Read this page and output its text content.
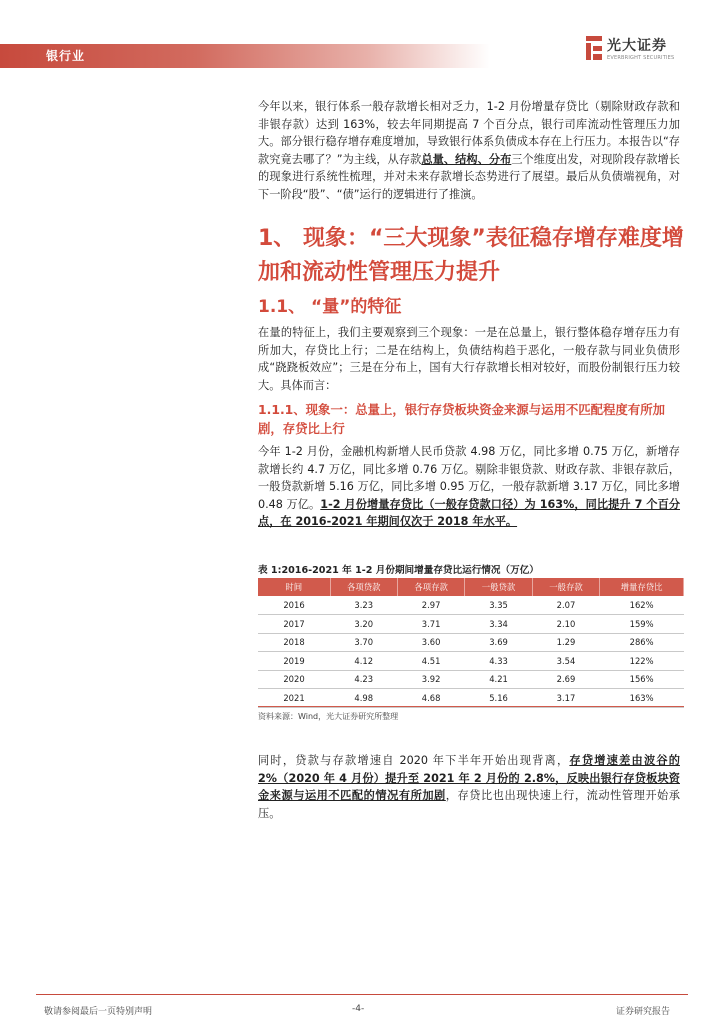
银行业
光大证券
EVERBRIGHT SECURITIES

今年以来，银行体系一般存款增长相对乏力，1-2 月份增量存贷比（剔除财政存款和非银存款）达到 163%，较去年同期提高 7 个百分点，银行司库流动性管理压力加大。部分银行稳存增存难度增加，导致银行体系负债成本存在上行压力。本报告以“存款究竟去哪了？”为主线，从存款总量、结构、分布三个维度出发，对现阶段存款增长的现象进行系统性梳理，并对未来存款增长态势进行了展望。最后从负债端视角，对下一阶段“股”、“债”运行的逻辑进行了推演。

1、 现象：“三大现象”表征稳存增存难度增加和流动性管理压力提升
1.1、 “量”的特征

在量的特征上，我们主要观察到三个现象：一是在总量上，银行整体稳存增存压力有所加大，存贷比上行；二是在结构上，负债结构趋于恶化，一般存款与同业负债形成“跷跷板效应”；三是在分布上，国有大行存款增长相对较好，而股份制银行压力较大。具体而言：

1.1.1、现象一：总量上，银行存贷板块资金来源与运用不匹配程度有所加剧，存贷比上行

今年 1-2 月份，金融机构新增人民币贷款 4.98 万亿，同比多增 0.75 万亿，新增存款增长约 4.7 万亿，同比多增 0.76 万亿。剔除非银贷款、财政存款、非银存款后，一般贷款新增 5.16 万亿，同比多增 0.95 万亿，一般存款新增 3.17 万亿，同比多增 0.48 万亿。1-2 月份增量存贷比（一般存贷款口径）为 163%，同比提升 7 个百分点，在 2016-2021 年期间仅次于 2018 年水平。

表 1:2016-2021 年 1-2 月份期间增量存贷比运行情况（万亿）
时间	各项贷款	各项存款	一般贷款	一般存款	增量存贷比
2016	3.23	2.97	3.35	2.07	162%
2017	3.20	3.71	3.34	2.10	159%
2018	3.70	3.60	3.69	1.29	286%
2019	4.12	4.51	4.33	3.54	122%
2020	4.23	3.92	4.21	2.69	156%
2021	4.98	4.68	5.16	3.17	163%
资料来源：Wind，光大证券研究所整理

同时，贷款与存款增速自 2020 年下半年开始出现背离，存贷增速差由波谷的 2%（2020 年 4 月份）提升至 2021 年 2 月份的 2.8%，反映出银行存贷板块资金来源与运用不匹配的情况有所加剧，存贷比也出现快速上行，流动性管理开始承压。

敬请参阅最后一页特别声明	-4-	证券研究报告
